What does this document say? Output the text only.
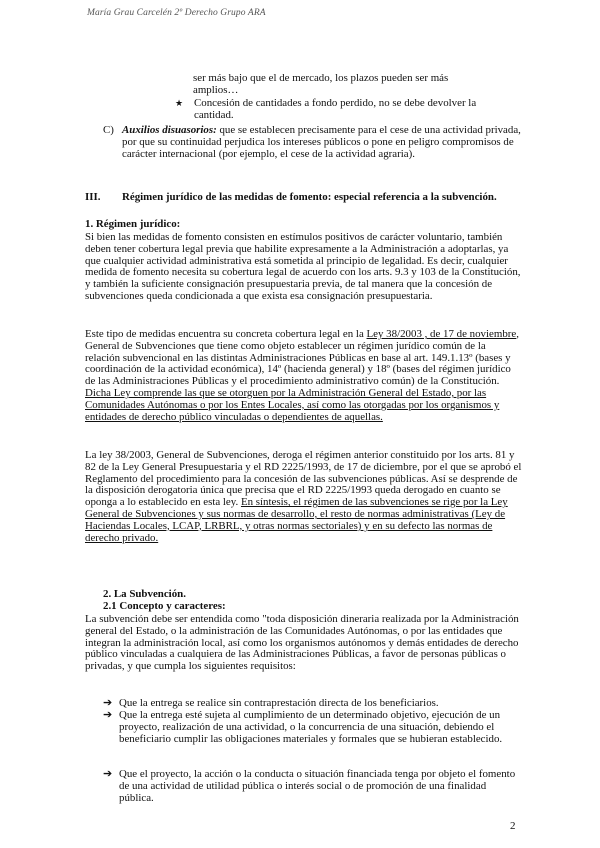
María Grau Carcelén 2º Derecho Grupo ARA
ser más bajo que el de mercado, los plazos pueden ser más
amplios…
★ Concesión de cantidades a fondo perdido, no se debe devolver la cantidad.
C) Auxilios disuasorios: que se establecen precisamente para el cese de una actividad privada, por que su continuidad perjudica los intereses públicos o pone en peligro compromisos de carácter internacional (por ejemplo, el cese de la actividad agraria).
III.	Régimen jurídico de las medidas de fomento: especial referencia a la subvención.
1. Régimen jurídico:
Si bien las medidas de fomento consisten en estímulos positivos de carácter voluntario, también deben tener cobertura legal previa que habilite expresamente a la Administración a adoptarlas, ya que cualquier actividad administrativa está sometida al principio de legalidad. Es decir, cualquier medida de fomento necesita su cobertura legal de acuerdo con los arts. 9.3 y 103 de la Constitución, y también la suficiente consignación presupuestaria previa, de tal manera que la concesión de subvenciones queda condicionada a que exista esa consignación presupuestaria.
Este tipo de medidas encuentra su concreta cobertura legal en la Ley 38/2003 , de 17 de noviembre, General de Subvenciones que tiene como objeto establecer un régimen jurídico común de la relación subvencional en las distintas Administraciones Públicas en base al art. 149.1.13º (bases y coordinación de la actividad económica), 14º (hacienda general) y 18º (bases del régimen jurídico de las Administraciones Públicas y el procedimiento administrativo común) de la Constitución. Dicha Ley comprende las que se otorguen por la Administración General del Estado, por las Comunidades Autónomas o por los Entes Locales, así como las otorgadas por los organismos y entidades de derecho público vinculadas o dependientes de aquellas.
La ley 38/2003, General de Subvenciones, deroga el régimen anterior constituido por los arts. 81 y 82 de la Ley General Presupuestaria y el RD 2225/1993, de 17 de diciembre, por el que se aprobó el Reglamento del procedimiento para la concesión de las subvenciones públicas. Así se desprende de la disposición derogatoria única que precisa que el RD 2225/1993 queda derogado en cuanto se oponga a lo establecido en esta ley. En síntesis, el régimen de las subvenciones se rige por la Ley General de Subvenciones y sus normas de desarrollo, el resto de normas administrativas (Ley de Haciendas Locales, LCAP, LRBRL, y otras normas sectoriales) y en su defecto las normas de derecho privado.
2. La Subvención.
2.1 Concepto y caracteres:
La subvención debe ser entendida como "toda disposición dineraria realizada por la Administración general del Estado, o la administración de las Comunidades Autónomas, o por las entidades que integran la administración local, así como los organismos autónomos y demás entidades de derecho público vinculadas a cualquiera de las Administraciones Públicas, a favor de personas públicas o privadas, y que cumpla los siguientes requisitos:
➔ Que la entrega se realice sin contraprestación directa de los beneficiarios.
➔ Que la entrega esté sujeta al cumplimiento de un determinado objetivo, ejecución de un proyecto, realización de una actividad, o la concurrencia de una situación, debiendo el beneficiario cumplir las obligaciones materiales y formales que se hubieran establecido.
➔ Que el proyecto, la acción o la conducta o situación financiada tenga por objeto el fomento de una actividad de utilidad pública o interés social o de promoción de una finalidad pública.
2
